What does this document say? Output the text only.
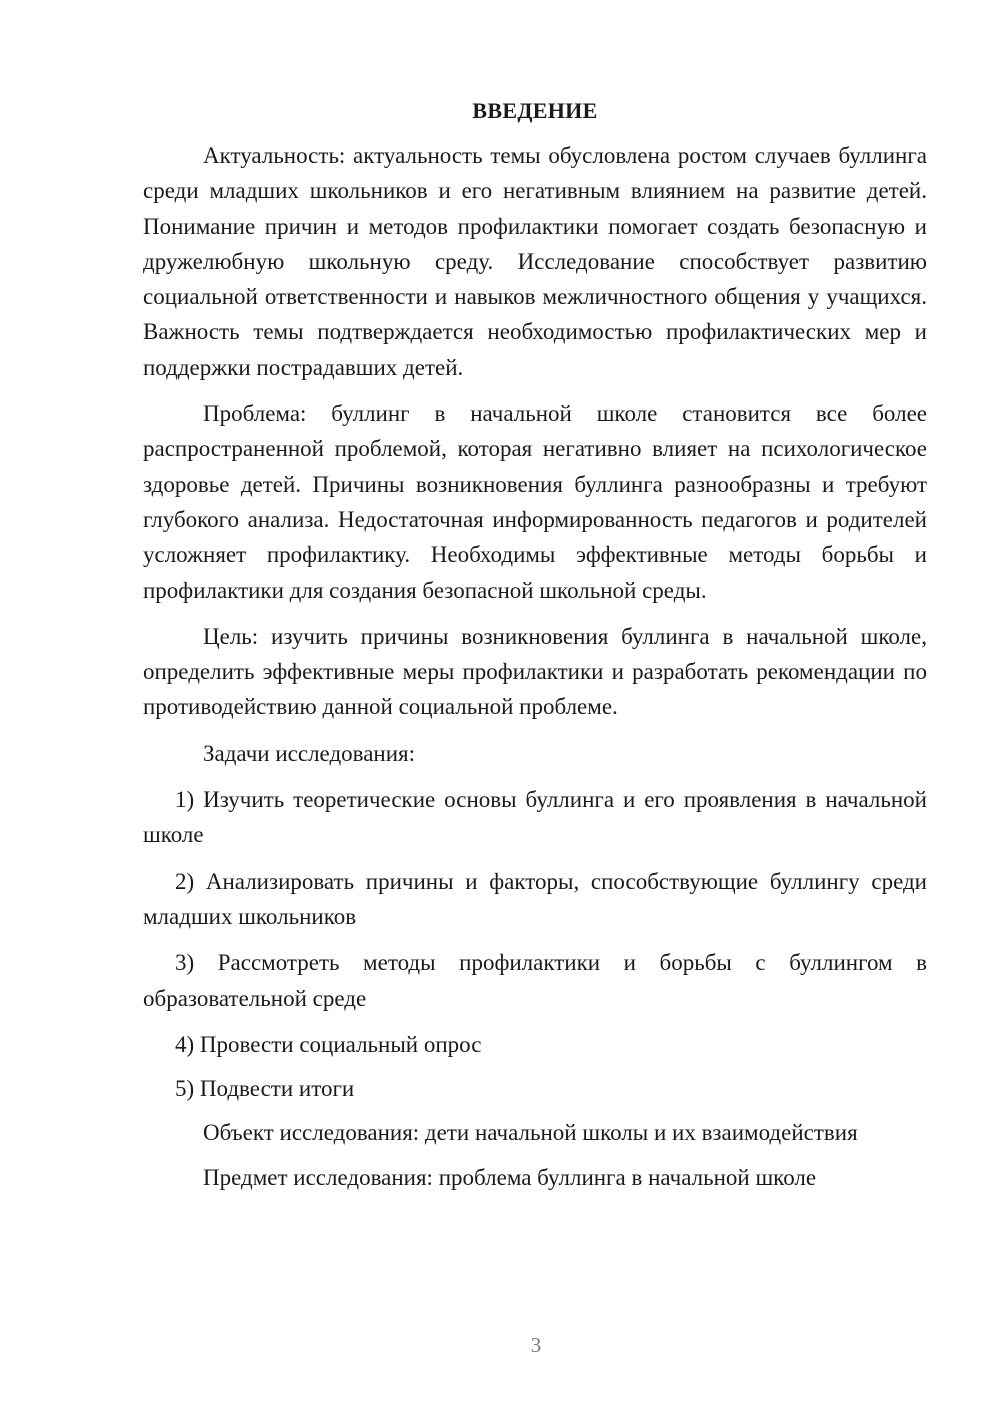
ВВЕДЕНИЕ

Актуальность: актуальность темы обусловлена ростом случаев буллинга среди младших школьников и его негативным влиянием на развитие детей. Понимание причин и методов профилактики помогает создать безопасную и дружелюбную школьную среду. Исследование способствует развитию социальной ответственности и навыков межличностного общения у учащихся. Важность темы подтверждается необходимостью профилактических мер и поддержки пострадавших детей.

Проблема: буллинг в начальной школе становится все более распространенной проблемой, которая негативно влияет на психологическое здоровье детей. Причины возникновения буллинга разнообразны и требуют глубокого анализа. Недостаточная информированность педагогов и родителей усложняет профилактику. Необходимы эффективные методы борьбы и профилактики для создания безопасной школьной среды.

Цель: изучить причины возникновения буллинга в начальной школе, определить эффективные меры профилактики и разработать рекомендации по противодействию данной социальной проблеме.

Задачи исследования:

1) Изучить теоретические основы буллинга и его проявления в начальной школе

2) Анализировать причины и факторы, способствующие буллингу среди младших школьников

3) Рассмотреть методы профилактики и борьбы с буллингом в образовательной среде

4) Провести социальный опрос

5) Подвести итоги

Объект исследования: дети начальной школы и их взаимодействия

Предмет исследования: проблема буллинга в начальной школе

3
